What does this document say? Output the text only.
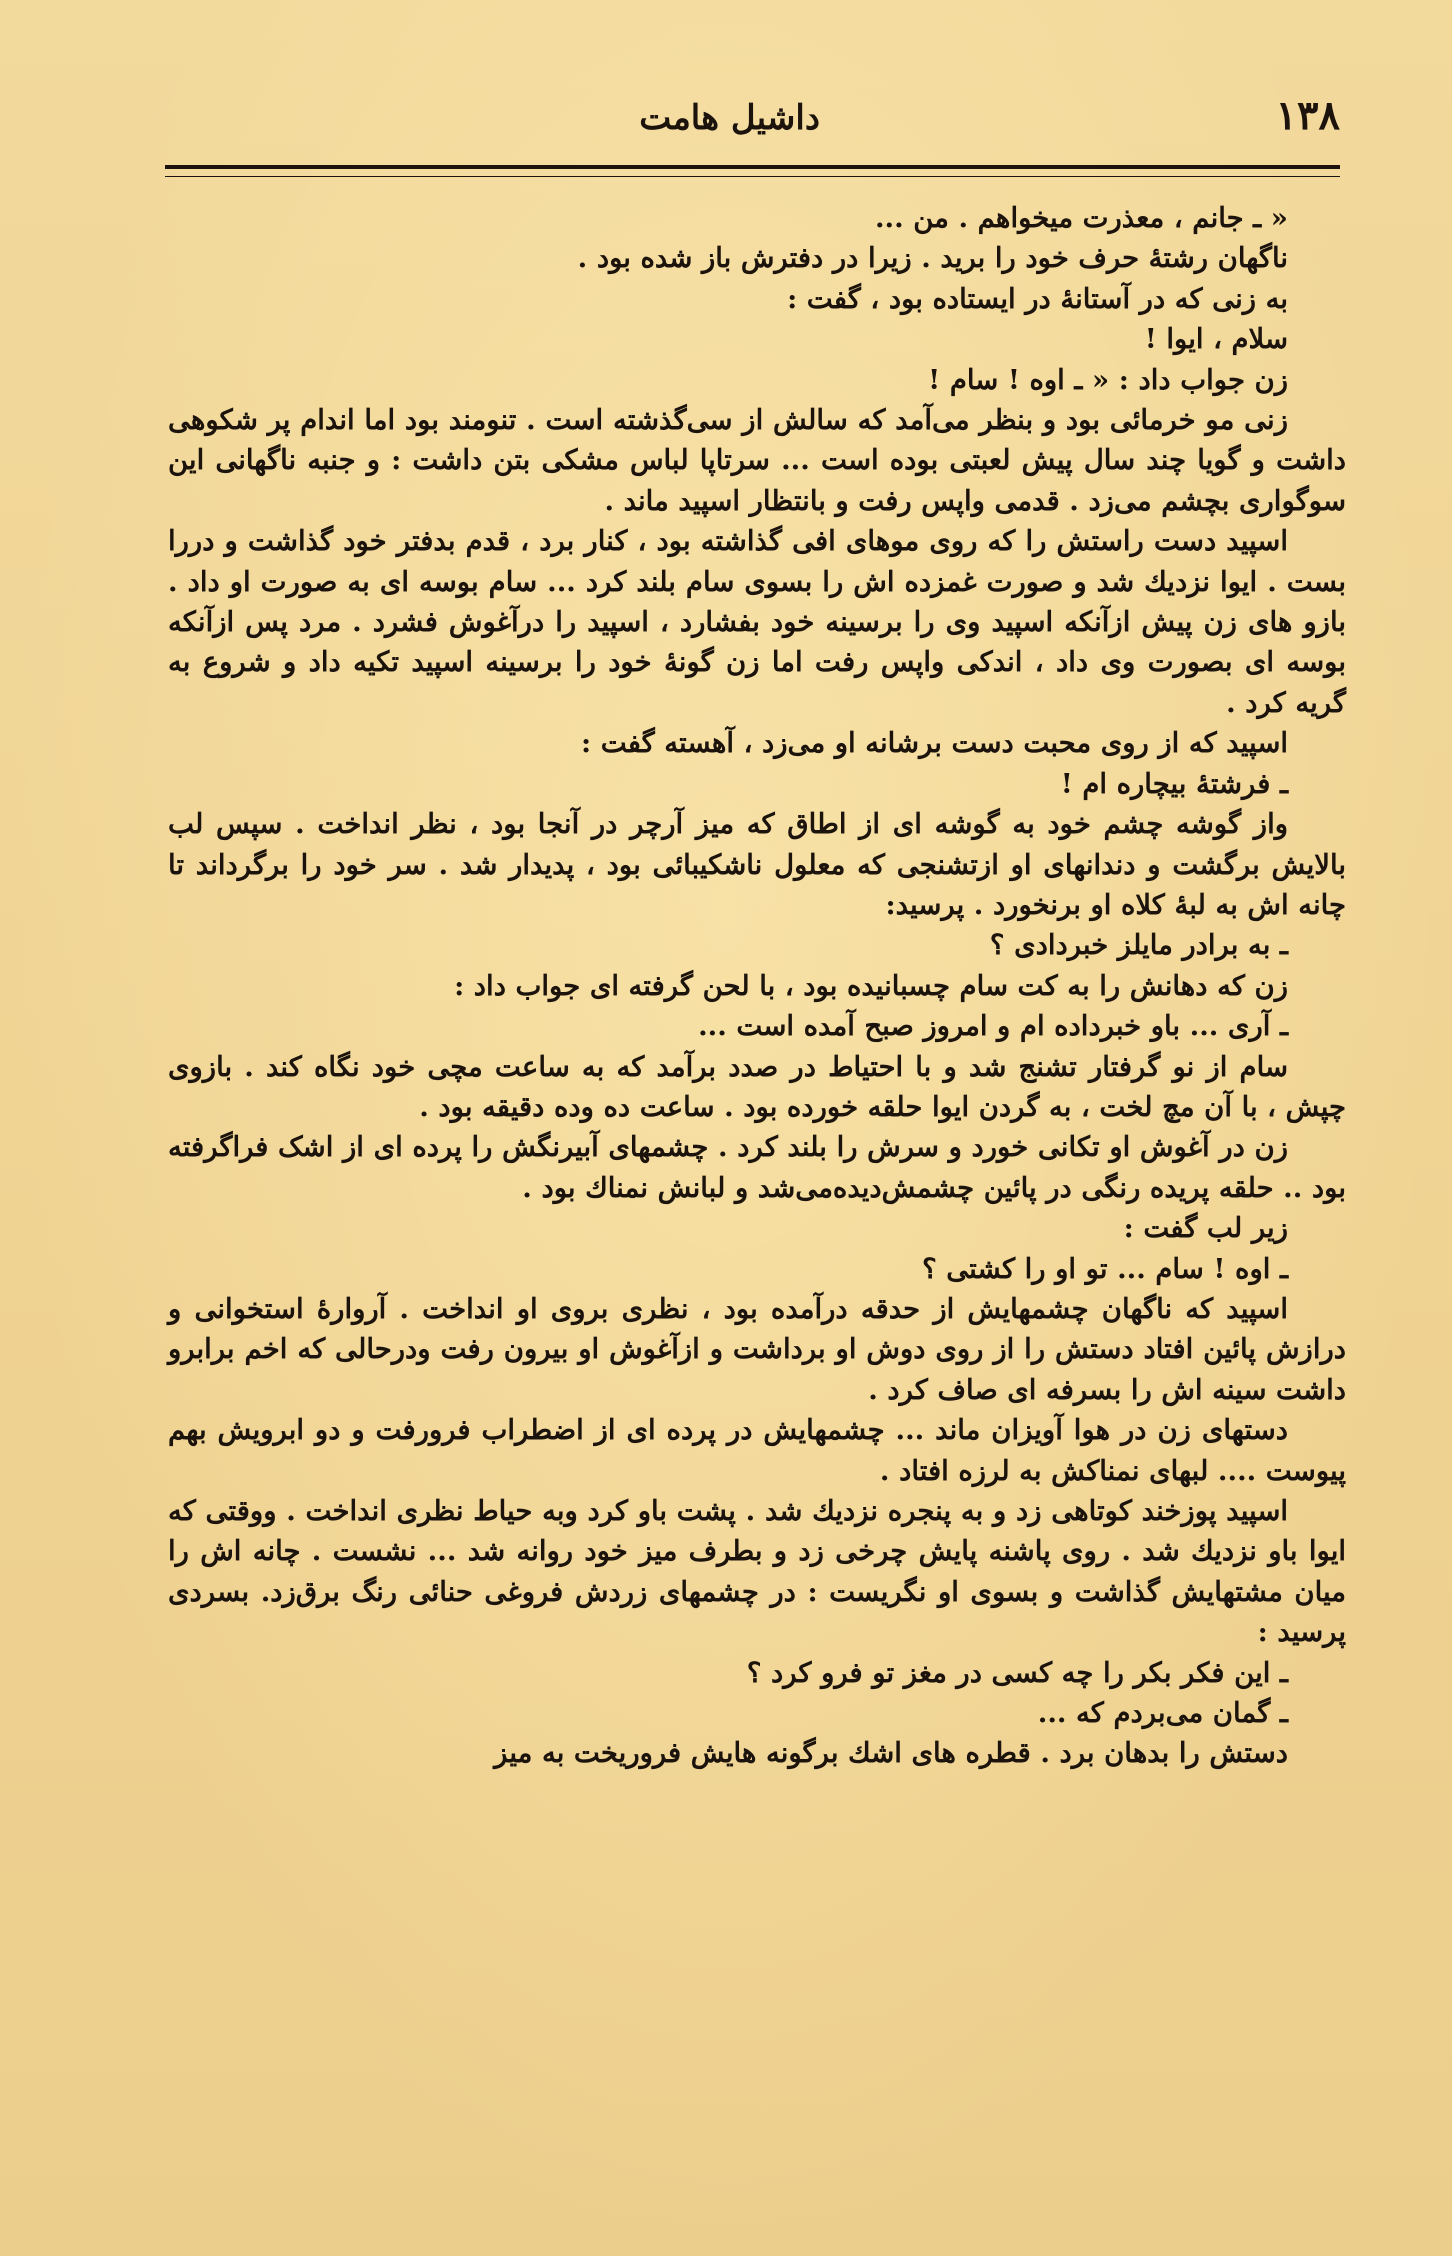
۱۳۸
داشیل هامت

« ـ جانم ، معذرت میخواهم . من ...

ناگهان رشتهٔ حرف خود را برید . زیرا در دفترش باز شده بود .

به زنی که در آستانهٔ در ایستاده بود ، گفت :

سلام ، ایوا !

زن جواب داد : « ـ اوه ! سام !

زنی مو خرمائی بود و بنظر می‌آمد که سالش از سی‌گذشته است . تنومند بود اما اندام پر شکوهی داشت و گویا چند سال پیش لعبتی بوده است ... سرتاپا لباس مشکی بتن داشت : و جنبه ناگهانی این سوگواری بچشم می‌زد . قدمی واپس رفت و بانتظار اسپید ماند .

اسپید دست راستش را که روی موهای افی گذاشته بود ، کنار برد ، قدم بدفتر خود گذاشت و دررا بست . ایوا نزدیك شد و صورت غمزده اش را بسوی سام بلند کرد ... سام بوسه ای به صورت او داد . بازو های زن پیش ازآنکه اسپید وی را برسینه خود بفشارد ، اسپید را درآغوش فشرد . مرد پس ازآنکه بوسه ای بصورت وی داد ، اندکی واپس رفت اما زن گونهٔ خود را برسینه اسپید تکیه داد و شروع به گریه کرد .

اسپید که از روی محبت دست برشانه او می‌زد ، آهسته گفت :

ـ فرشتهٔ بیچاره ام !

واز گوشه چشم خود به گوشه ای از اطاق که میز آرچر در آنجا بود ، نظر انداخت . سپس لب بالایش برگشت و دندانهای او ازتشنجی که معلول ناشکیبائی بود ، پدیدار شد . سر خود را برگرداند تا چانه اش به لبهٔ کلاه او برنخورد . پرسید:

ـ به برادر مایلز خبردادی ؟

زن که دهانش را به کت سام چسبانیده بود ، با لحن گرفته ای جواب داد :

ـ آری ... باو خبرداده ام و امروز صبح آمده است ...

سام از نو گرفتار تشنج شد و با احتیاط در صدد برآمد که به ساعت مچی خود نگاه کند . بازوی چپش ، با آن مچ لخت ، به گردن ایوا حلقه خورده بود . ساعت ده وده دقیقه بود .

زن در آغوش او تکانی خورد و سرش را بلند کرد . چشمهای آبیرنگش را پرده ای از اشک فراگرفته بود .. حلقه پریده رنگی در پائین چشمش‌دیده‌می‌شد و لبانش نمناك بود .

زیر لب گفت :

ـ اوه ! سام ... تو او را کشتی ؟

اسپید که ناگهان چشمهایش از حدقه درآمده بود ، نظری بروی او انداخت . آروارهٔ استخوانی و درازش پائین افتاد دستش را از روی دوش او برداشت و ازآغوش او بیرون رفت ودرحالی که اخم برابرو داشت سینه اش را بسرفه ای صاف کرد .

دستهای زن در هوا آویزان ماند ... چشمهایش در پرده ای از اضطراب فرورفت و دو ابرویش بهم پیوست .... لبهای نمناکش به لرزه افتاد .

اسپید پوزخند کوتاهی زد و به پنجره نزدیك شد . پشت باو کرد وبه حیاط نظری انداخت . ووقتی که ایوا باو نزدیك شد . روی پاشنه پایش چرخی زد و بطرف میز خود روانه شد ... نشست . چانه اش را میان مشتهایش گذاشت و بسوی او نگریست : در چشمهای زردش فروغی حنائی رنگ برق‌زد. بسردی پرسید :

ـ این فکر بکر را چه کسی در مغز تو فرو کرد ؟

ـ گمان می‌بردم که ...

دستش را بدهان برد . قطره های اشك برگونه هایش فروریخت به میز
